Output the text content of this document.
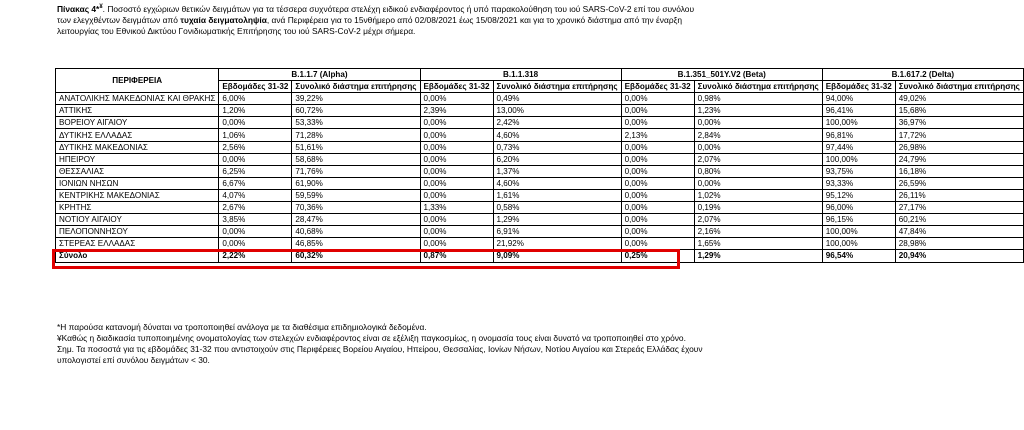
Πίνακας 4*¥. Ποσοστό εγχώριων θετικών δειγμάτων για τα τέσσερα συχνότερα στελέχη ειδικού ενδιαφέροντος ή υπό παρακολούθηση του ιού SARS-CoV-2 επί του συνόλου των ελεγχθέντων δειγμάτων από τυχαία δειγματοληψία, ανά Περιφέρεια για το 15νθήμερο από 02/08/2021 έως 15/08/2021 και για το χρονικό διάστημα από την έναρξη λειτουργίας του Εθνικού Δικτύου Γονιδιωματικής Επιτήρησης του ιού SARS-CoV-2 μέχρι σήμερα.
ΠΕΡΙΦΕΡΕΙΑ	B.1.1.7 (Alpha)		B.1.1.318		B.1.351_501Y.V2 (Beta)		B.1.617.2 (Delta)	
	Εβδομάδες 31-32	Συνολικό διάστημα επιτήρησης	Εβδομάδες 31-32	Συνολικό διάστημα επιτήρησης	Εβδομάδες 31-32	Συνολικό διάστημα επιτήρησης	Εβδομάδες 31-32	Συνολικό διάστημα επιτήρησης
ΑΝΑΤΟΛΙΚΗΣ ΜΑΚΕΔΟΝΙΑΣ ΚΑΙ ΘΡΑΚΗΣ	6,00%	39,22%	0,00%	0,49%	0,00%	0,98%	94,00%	49,02%
ΑΤΤΙΚΗΣ	1,20%	60,72%	2,39%	13,00%	0,00%	1,23%	96,41%	15,68%
ΒΟΡΕΙΟΥ ΑΙΓΑΙΟΥ	0,00%	53,33%	0,00%	2,42%	0,00%	0,00%	100,00%	36,97%
ΔΥΤΙΚΗΣ ΕΛΛΑΔΑΣ	1,06%	71,28%	0,00%	4,60%	2,13%	2,84%	96,81%	17,72%
ΔΥΤΙΚΗΣ ΜΑΚΕΔΟΝΙΑΣ	2,56%	51,61%	0,00%	0,73%	0,00%	0,00%	97,44%	26,98%
ΗΠΕΙΡΟΥ	0,00%	58,68%	0,00%	6,20%	0,00%	2,07%	100,00%	24,79%
ΘΕΣΣΑΛΙΑΣ	6,25%	71,76%	0,00%	1,37%	0,00%	0,80%	93,75%	16,18%
ΙΟΝΙΩΝ ΝΗΣΩΝ	6,67%	61,90%	0,00%	4,60%	0,00%	0,00%	93,33%	26,59%
ΚΕΝΤΡΙΚΗΣ ΜΑΚΕΔΟΝΙΑΣ	4,07%	59,59%	0,00%	1,61%	0,00%	1,02%	95,12%	26,11%
ΚΡΗΤΗΣ	2,67%	70,36%	1,33%	0,58%	0,00%	0,19%	96,00%	27,17%
ΝΟΤΙΟΥ ΑΙΓΑΙΟΥ	3,85%	28,47%	0,00%	1,29%	0,00%	2,07%	96,15%	60,21%
ΠΕΛΟΠΟΝΝΗΣΟΥ	0,00%	40,68%	0,00%	6,91%	0,00%	2,16%	100,00%	47,84%
ΣΤΕΡΕΑΣ ΕΛΛΑΔΑΣ	0,00%	46,85%	0,00%	21,92%	0,00%	1,65%	100,00%	28,98%
Σύνολο	2,22%	60,32%	0,87%	9,09%	0,25%	1,29%	96,54%	20,94%

*Η παρούσα κατανομή δύναται να τροποποιηθεί ανάλογα με τα διαθέσιμα επιδημιολογικά δεδομένα.

¥Καθώς η διαδικασία τυποποιημένης ονοματολογίας των στελεχών ενδιαφέροντος είναι σε εξέλιξη παγκοσμίως, η ονομασία τους είναι δυνατό να τροποποιηθεί στο χρόνο.

Σημ. Τα ποσοστά για τις εβδομάδες 31-32 που αντιστοιχούν στις Περιφέρειες Βορείου Αιγαίου, Ηπείρου, Θεσσαλίας, Ιονίων Νήσων, Νοτίου Αιγαίου και Στερεάς Ελλάδας έχουν υπολογιστεί επί συνόλου δειγμάτων < 30.
